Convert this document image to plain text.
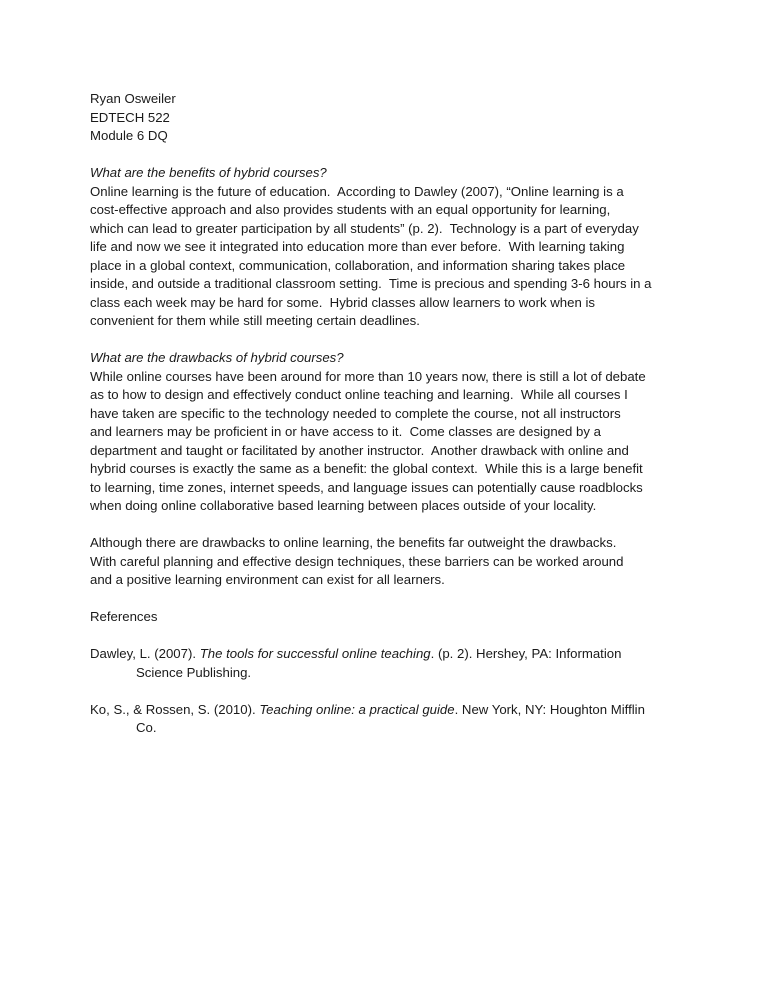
Ryan Osweiler
EDTECH 522
Module 6 DQ
What are the benefits of hybrid courses?
Online learning is the future of education.  According to Dawley (2007), “Online learning is a
cost-effective approach and also provides students with an equal opportunity for learning,
which can lead to greater participation by all students” (p. 2).  Technology is a part of everyday
life and now we see it integrated into education more than ever before.  With learning taking
place in a global context, communication, collaboration, and information sharing takes place
inside, and outside a traditional classroom setting.  Time is precious and spending 3-6 hours in a
class each week may be hard for some.  Hybrid classes allow learners to work when is
convenient for them while still meeting certain deadlines.
What are the drawbacks of hybrid courses?
While online courses have been around for more than 10 years now, there is still a lot of debate
as to how to design and effectively conduct online teaching and learning.  While all courses I
have taken are specific to the technology needed to complete the course, not all instructors
and learners may be proficient in or have access to it.  Come classes are designed by a
department and taught or facilitated by another instructor.  Another drawback with online and
hybrid courses is exactly the same as a benefit: the global context.  While this is a large benefit
to learning, time zones, internet speeds, and language issues can potentially cause roadblocks
when doing online collaborative based learning between places outside of your locality.
Although there are drawbacks to online learning, the benefits far outweight the drawbacks.
With careful planning and effective design techniques, these barriers can be worked around
and a positive learning environment can exist for all learners.
References
Dawley, L. (2007). The tools for successful online teaching. (p. 2). Hershey, PA: Information
Science Publishing.
Ko, S., & Rossen, S. (2010). Teaching online: a practical guide. New York, NY: Houghton Mifflin
Co.
